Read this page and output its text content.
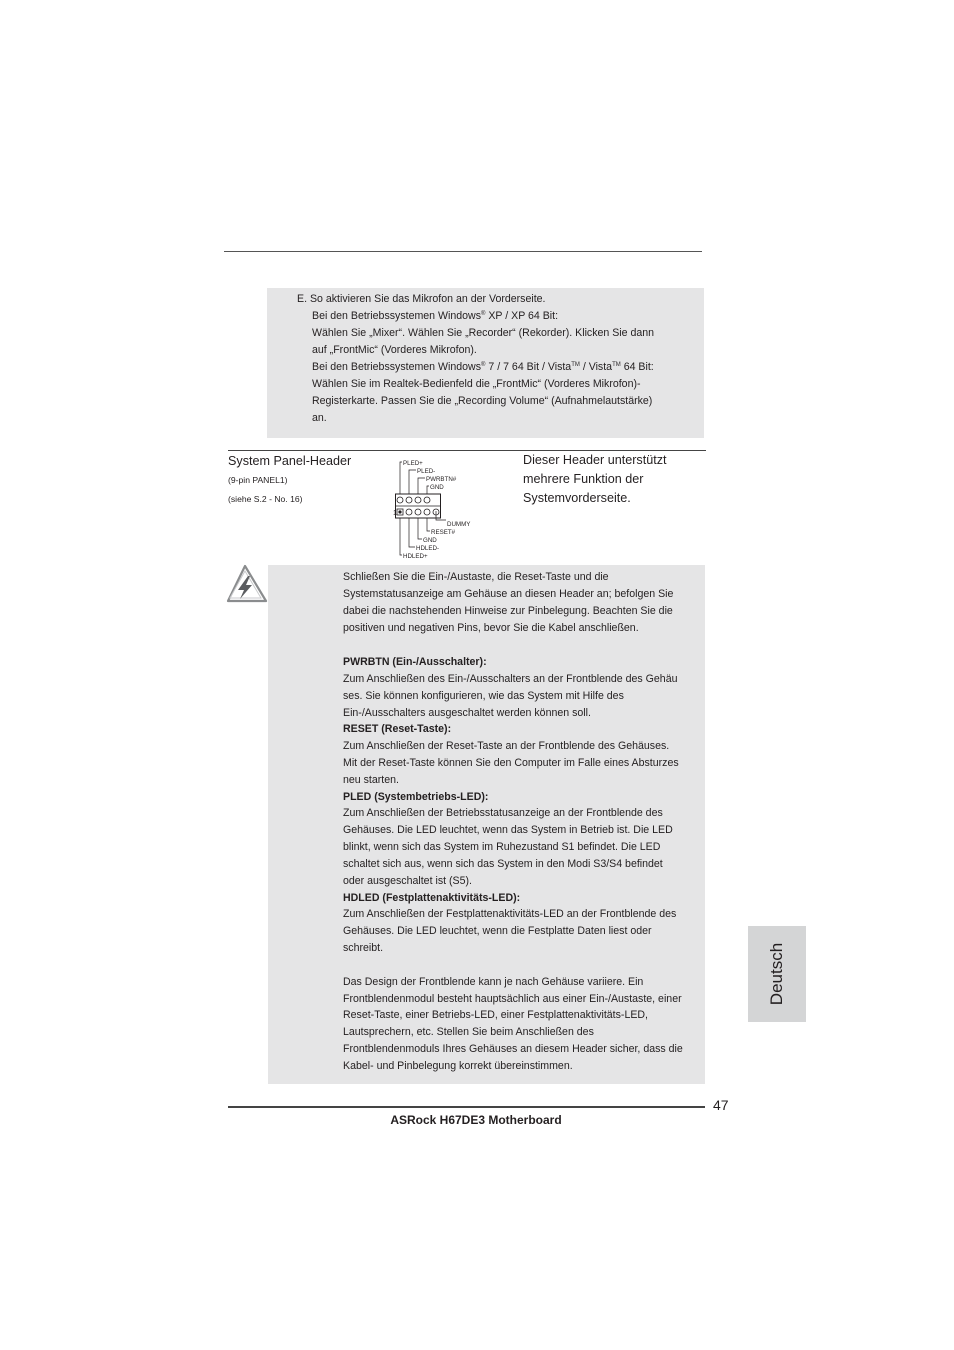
E. So aktivieren Sie das Mikrofon an der Vorderseite.
Bei den Betriebssystemen Windows® XP / XP 64 Bit:
Wählen Sie „Mixer“. Wählen Sie „Recorder“ (Rekorder). Klicken Sie dann
auf „FrontMic“ (Vorderes Mikrofon).
Bei den Betriebssystemen Windows® 7 / 7 64 Bit / Vista™ / Vista™ 64 Bit:
Wählen Sie im Realtek-Bedienfeld die „FrontMic“ (Vorderes Mikrofon)-
Registerkarte. Passen Sie die „Recording Volume“ (Aufnahmelautstärke)
an.
System Panel-Header
(9-pin PANEL1)
(siehe S.2 - No. 16)
Dieser Header unterstützt
mehrere Funktion der
Systemvorderseite.
1
PLED+
PLED-
PWRBTN#
GND
DUMMY
RESET#
GND
HDLED-
HDLED+
Schließen Sie die Ein-/Austaste, die Reset-Taste und die
Systemstatusanzeige am Gehäuse an diesen Header an; befolgen Sie
dabei die nachstehenden Hinweise zur Pinbelegung. Beachten Sie die
positiven und negativen Pins, bevor Sie die Kabel anschließen.
PWRBTN (Ein-/Ausschalter):
Zum Anschließen des Ein-/Ausschalters an der Frontblende des Gehäu
ses. Sie können konfigurieren, wie das System mit Hilfe des
Ein-/Ausschalters ausgeschaltet werden können soll.
RESET (Reset-Taste):
Zum Anschließen der Reset-Taste an der Frontblende des Gehäuses.
Mit der Reset-Taste können Sie den Computer im Falle eines Absturzes
neu starten.
PLED (Systembetriebs-LED):
Zum Anschließen der Betriebsstatusanzeige an der Frontblende des
Gehäuses. Die LED leuchtet, wenn das System in Betrieb ist. Die LED
blinkt, wenn sich das System im Ruhezustand S1 befindet. Die LED
schaltet sich aus, wenn sich das System in den Modi S3/S4 befindet
oder ausgeschaltet ist (S5).
HDLED (Festplattenaktivitäts-LED):
Zum Anschließen der Festplattenaktivitäts-LED an der Frontblende des
Gehäuses. Die LED leuchtet, wenn die Festplatte Daten liest oder
schreibt.
Das Design der Frontblende kann je nach Gehäuse variiere. Ein
Frontblendenmodul besteht hauptsächlich aus einer Ein-/Austaste, einer
Reset-Taste, einer Betriebs-LED, einer Festplattenaktivitäts-LED,
Lautsprechern, etc. Stellen Sie beim Anschließen des
Frontblendenmoduls Ihres Gehäuses an diesem Header sicher, dass die
Kabel- und Pinbelegung korrekt übereinstimmen.
Deutsch
47
ASRock H67DE3 Motherboard
